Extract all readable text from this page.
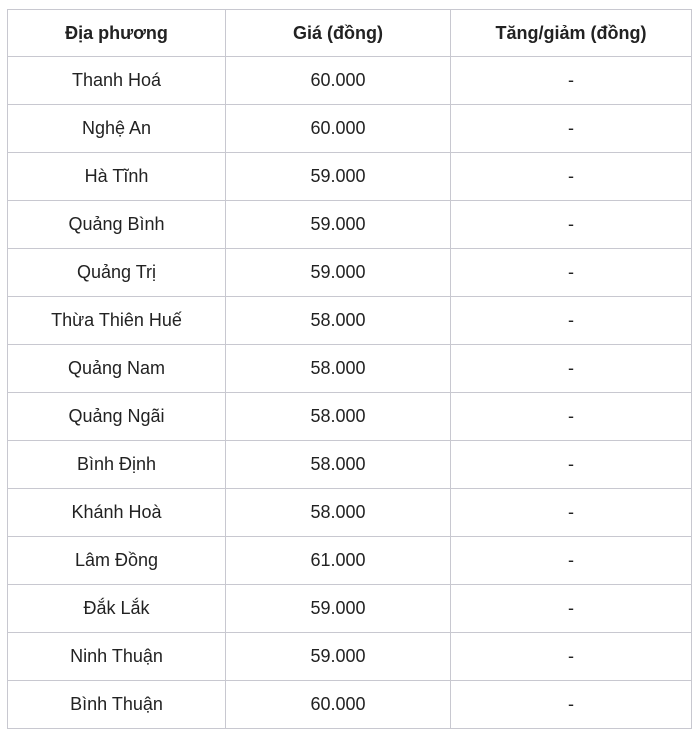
Địa phương	Giá (đồng)	Tăng/giảm (đồng)
Thanh Hoá	60.000	-
Nghệ An	60.000	-
Hà Tĩnh	59.000	-
Quảng Bình	59.000	-
Quảng Trị	59.000	-
Thừa Thiên Huế	58.000	-
Quảng Nam	58.000	-
Quảng Ngãi	58.000	-
Bình Định	58.000	-
Khánh Hoà	58.000	-
Lâm Đồng	61.000	-
Đắk Lắk	59.000	-
Ninh Thuận	59.000	-
Bình Thuận	60.000	-
